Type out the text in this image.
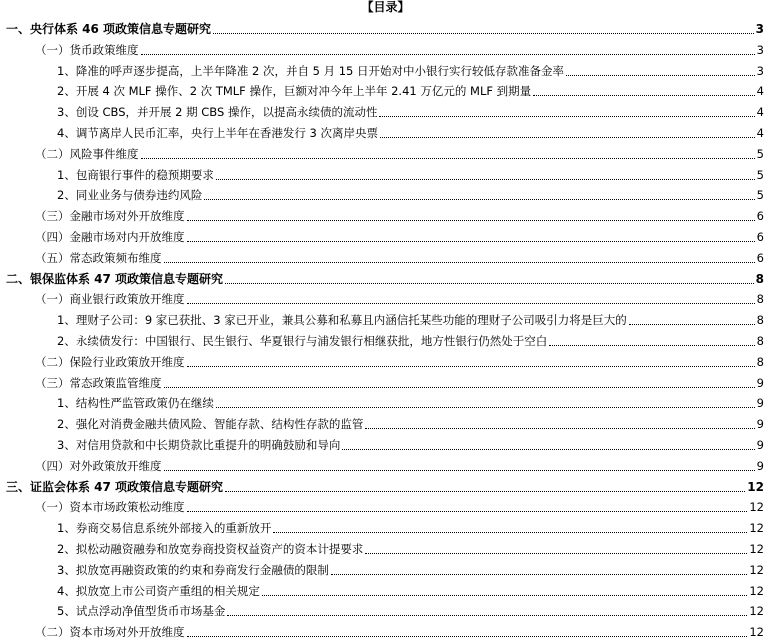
【目录】
一、央行体系 46 项政策信息专题研究	3
（一）货币政策维度	3
1、降准的呼声逐步提高，上半年降准 2 次，并自 5 月 15 日开始对中小银行实行较低存款准备金率	3
2、开展 4 次 MLF 操作、2 次 TMLF 操作，巨额对冲今年上半年 2.41 万亿元的 MLF 到期量	4
3、创设 CBS，并开展 2 期 CBS 操作，以提高永续债的流动性	4
4、调节离岸人民币汇率，央行上半年在香港发行 3 次离岸央票	4
（二）风险事件维度	5
1、包商银行事件的稳预期要求	5
2、同业业务与债券违约风险	5
（三）金融市场对外开放维度	6
（四）金融市场对内开放维度	6
（五）常态政策频布维度	6
二、银保监体系 47 项政策信息专题研究	8
（一）商业银行政策放开维度	8
1、理财子公司：9 家已获批、3 家已开业，兼具公募和私募且内涵信托某些功能的理财子公司吸引力将是巨大的	8
2、永续债发行：中国银行、民生银行、华夏银行与浦发银行相继获批，地方性银行仍然处于空白	8
（二）保险行业政策放开维度	8
（三）常态政策监管维度	9
1、结构性严监管政策仍在继续	9
2、强化对消费金融共债风险、智能存款、结构性存款的监管	9
3、对信用贷款和中长期贷款比重提升的明确鼓励和导向	9
（四）对外政策放开维度	9
三、证监会体系 47 项政策信息专题研究	12
（一）资本市场政策松动维度	12
1、券商交易信息系统外部接入的重新放开	12
2、拟松动融资融券和放宽券商投资权益资产的资本计提要求	12
3、拟放宽再融资政策的约束和券商发行金融债的限制	12
4、拟放宽上市公司资产重组的相关规定	12
5、试点浮动净值型货币市场基金	12
（二）资本市场对外开放维度	12
